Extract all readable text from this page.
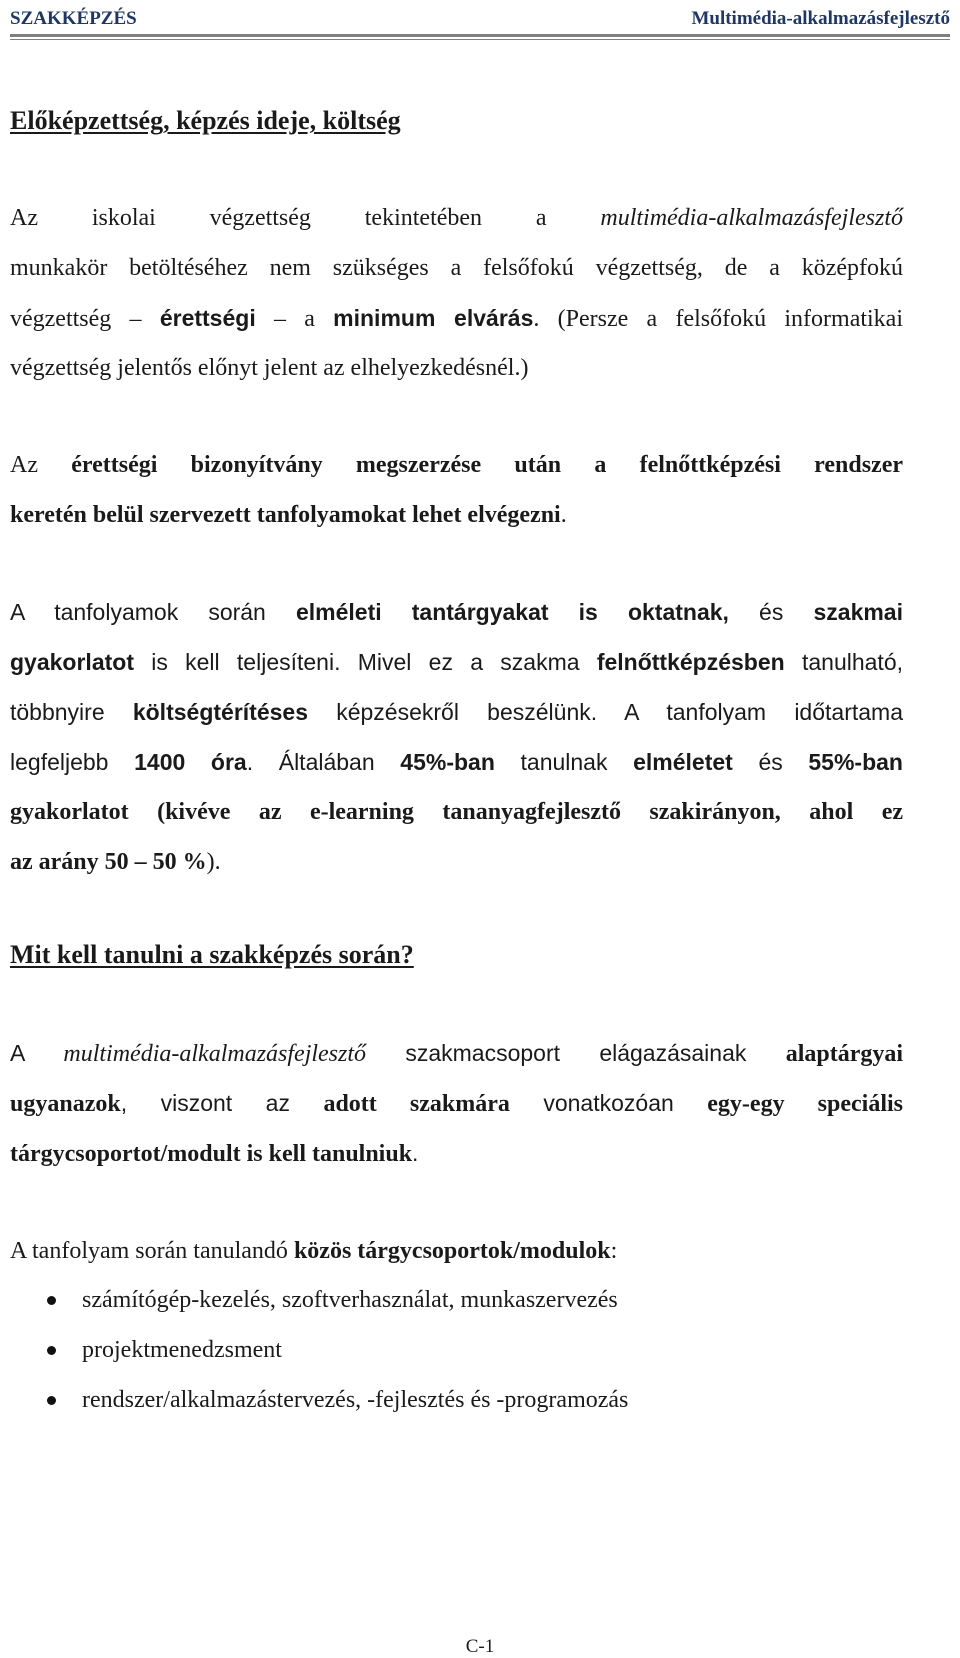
SZAKKÉPZÉS	Multimédia-alkalmazásfejlesztő
Előképzettség, képzés ideje, költség
Az iskolai végzettség tekintetében a multimédia-alkalmazásfejlesztő
munkakör betöltéséhez nem szükséges a felsőfokú végzettség, de a középfokú
végzettség – érettségi – a minimum elvárás. (Persze a felsőfokú informatikai
végzettség jelentős előnyt jelent az elhelyezkedésnél.)
Az érettségi bizonyítvány megszerzése után a felnőttképzési rendszer
keretén belül szervezett tanfolyamokat lehet elvégezni.
A tanfolyamok során elméleti tantárgyakat is oktatnak, és szakmai
gyakorlatot is kell teljesíteni. Mivel ez a szakma felnőttképzésben tanulható,
többnyire költségtérítéses képzésekről beszélünk. A tanfolyam időtartama
legfeljebb 1400 óra. Általában 45%-ban tanulnak elméletet és 55%-ban
gyakorlatot (kivéve az e-learning tananyagfejlesztő szakirányon, ahol ez
az arány 50 – 50 %).
Mit kell tanulni a szakképzés során?
A multimédia-alkalmazásfejlesztő szakmacsoport elágazásainak alaptárgyai
ugyanazok, viszont az adott szakmára vonatkozóan egy-egy speciális
tárgycsoportot/modult is kell tanulniuk.
A tanfolyam során tanulandó közös tárgycsoportok/modulok:
számítógép-kezelés, szoftverhasználat, munkaszervezés
projektmenedzsment
rendszer/alkalmazástervezés, -fejlesztés és -programozás
C-1
